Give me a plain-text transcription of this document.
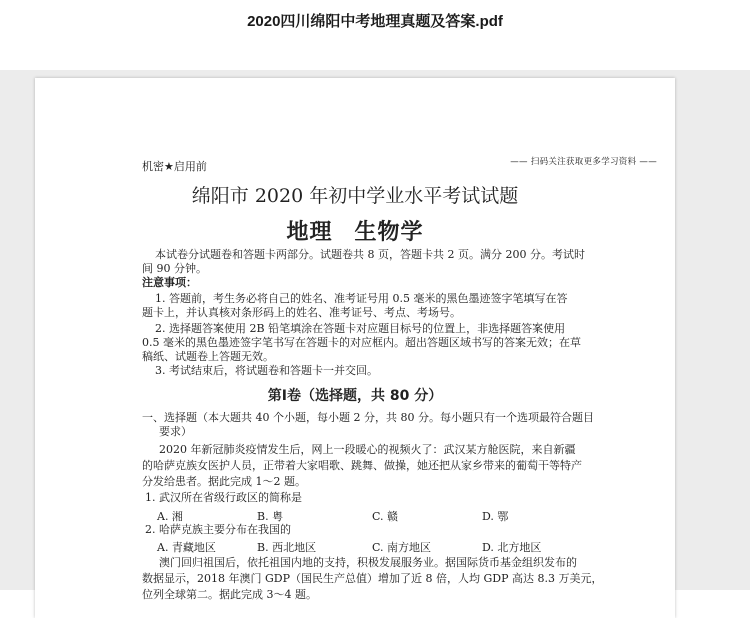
2020四川绵阳中考地理真题及答案.pdf
机密★启用前	—— 扫码关注获取更多学习资料 ——
绵阳市 2020 年初中学业水平考试试题
地理 生物学
本试卷分试题卷和答题卡两部分。试题卷共 8 页，答题卡共 2 页。满分 200 分。考试时
间 90 分钟。
注意事项：
1. 答题前，考生务必将自己的姓名、准考证号用 0.5 毫米的黑色墨迹签字笔填写在答
题卡上，并认真核对条形码上的姓名、准考证号、考点、考场号。
2. 选择题答案使用 2B 铅笔填涂在答题卡对应题目标号的位置上，非选择题答案使用
0.5 毫米的黑色墨迹签字笔书写在答题卡的对应框内。超出答题区域书写的答案无效；在草
稿纸、试题卷上答题无效。
3. 考试结束后，将试题卷和答题卡一并交回。
第Ⅰ卷（选择题，共 80 分）
一、选择题（本大题共 40 个小题，每小题 2 分，共 80 分。每小题只有一个选项最符合题目
要求）
2020 年新冠肺炎疫情发生后，网上一段暖心的视频火了：武汉某方舱医院，来自新疆
的哈萨克族女医护人员，正带着大家唱歌、跳舞、做操，她还把从家乡带来的葡萄干等特产
分发给患者。据此完成 1～2 题。
1. 武汉所在省级行政区的简称是
A. 湘	B. 粤	C. 赣	D. 鄂
2. 哈萨克族主要分布在我国的
A. 青藏地区	B. 西北地区	C. 南方地区	D. 北方地区
澳门回归祖国后，依托祖国内地的支持，积极发展服务业。据国际货币基金组织发布的
数据显示，2018 年澳门 GDP（国民生产总值）增加了近 8 倍，人均 GDP 高达 8.3 万美元，
位列全球第二。据此完成 3～4 题。
